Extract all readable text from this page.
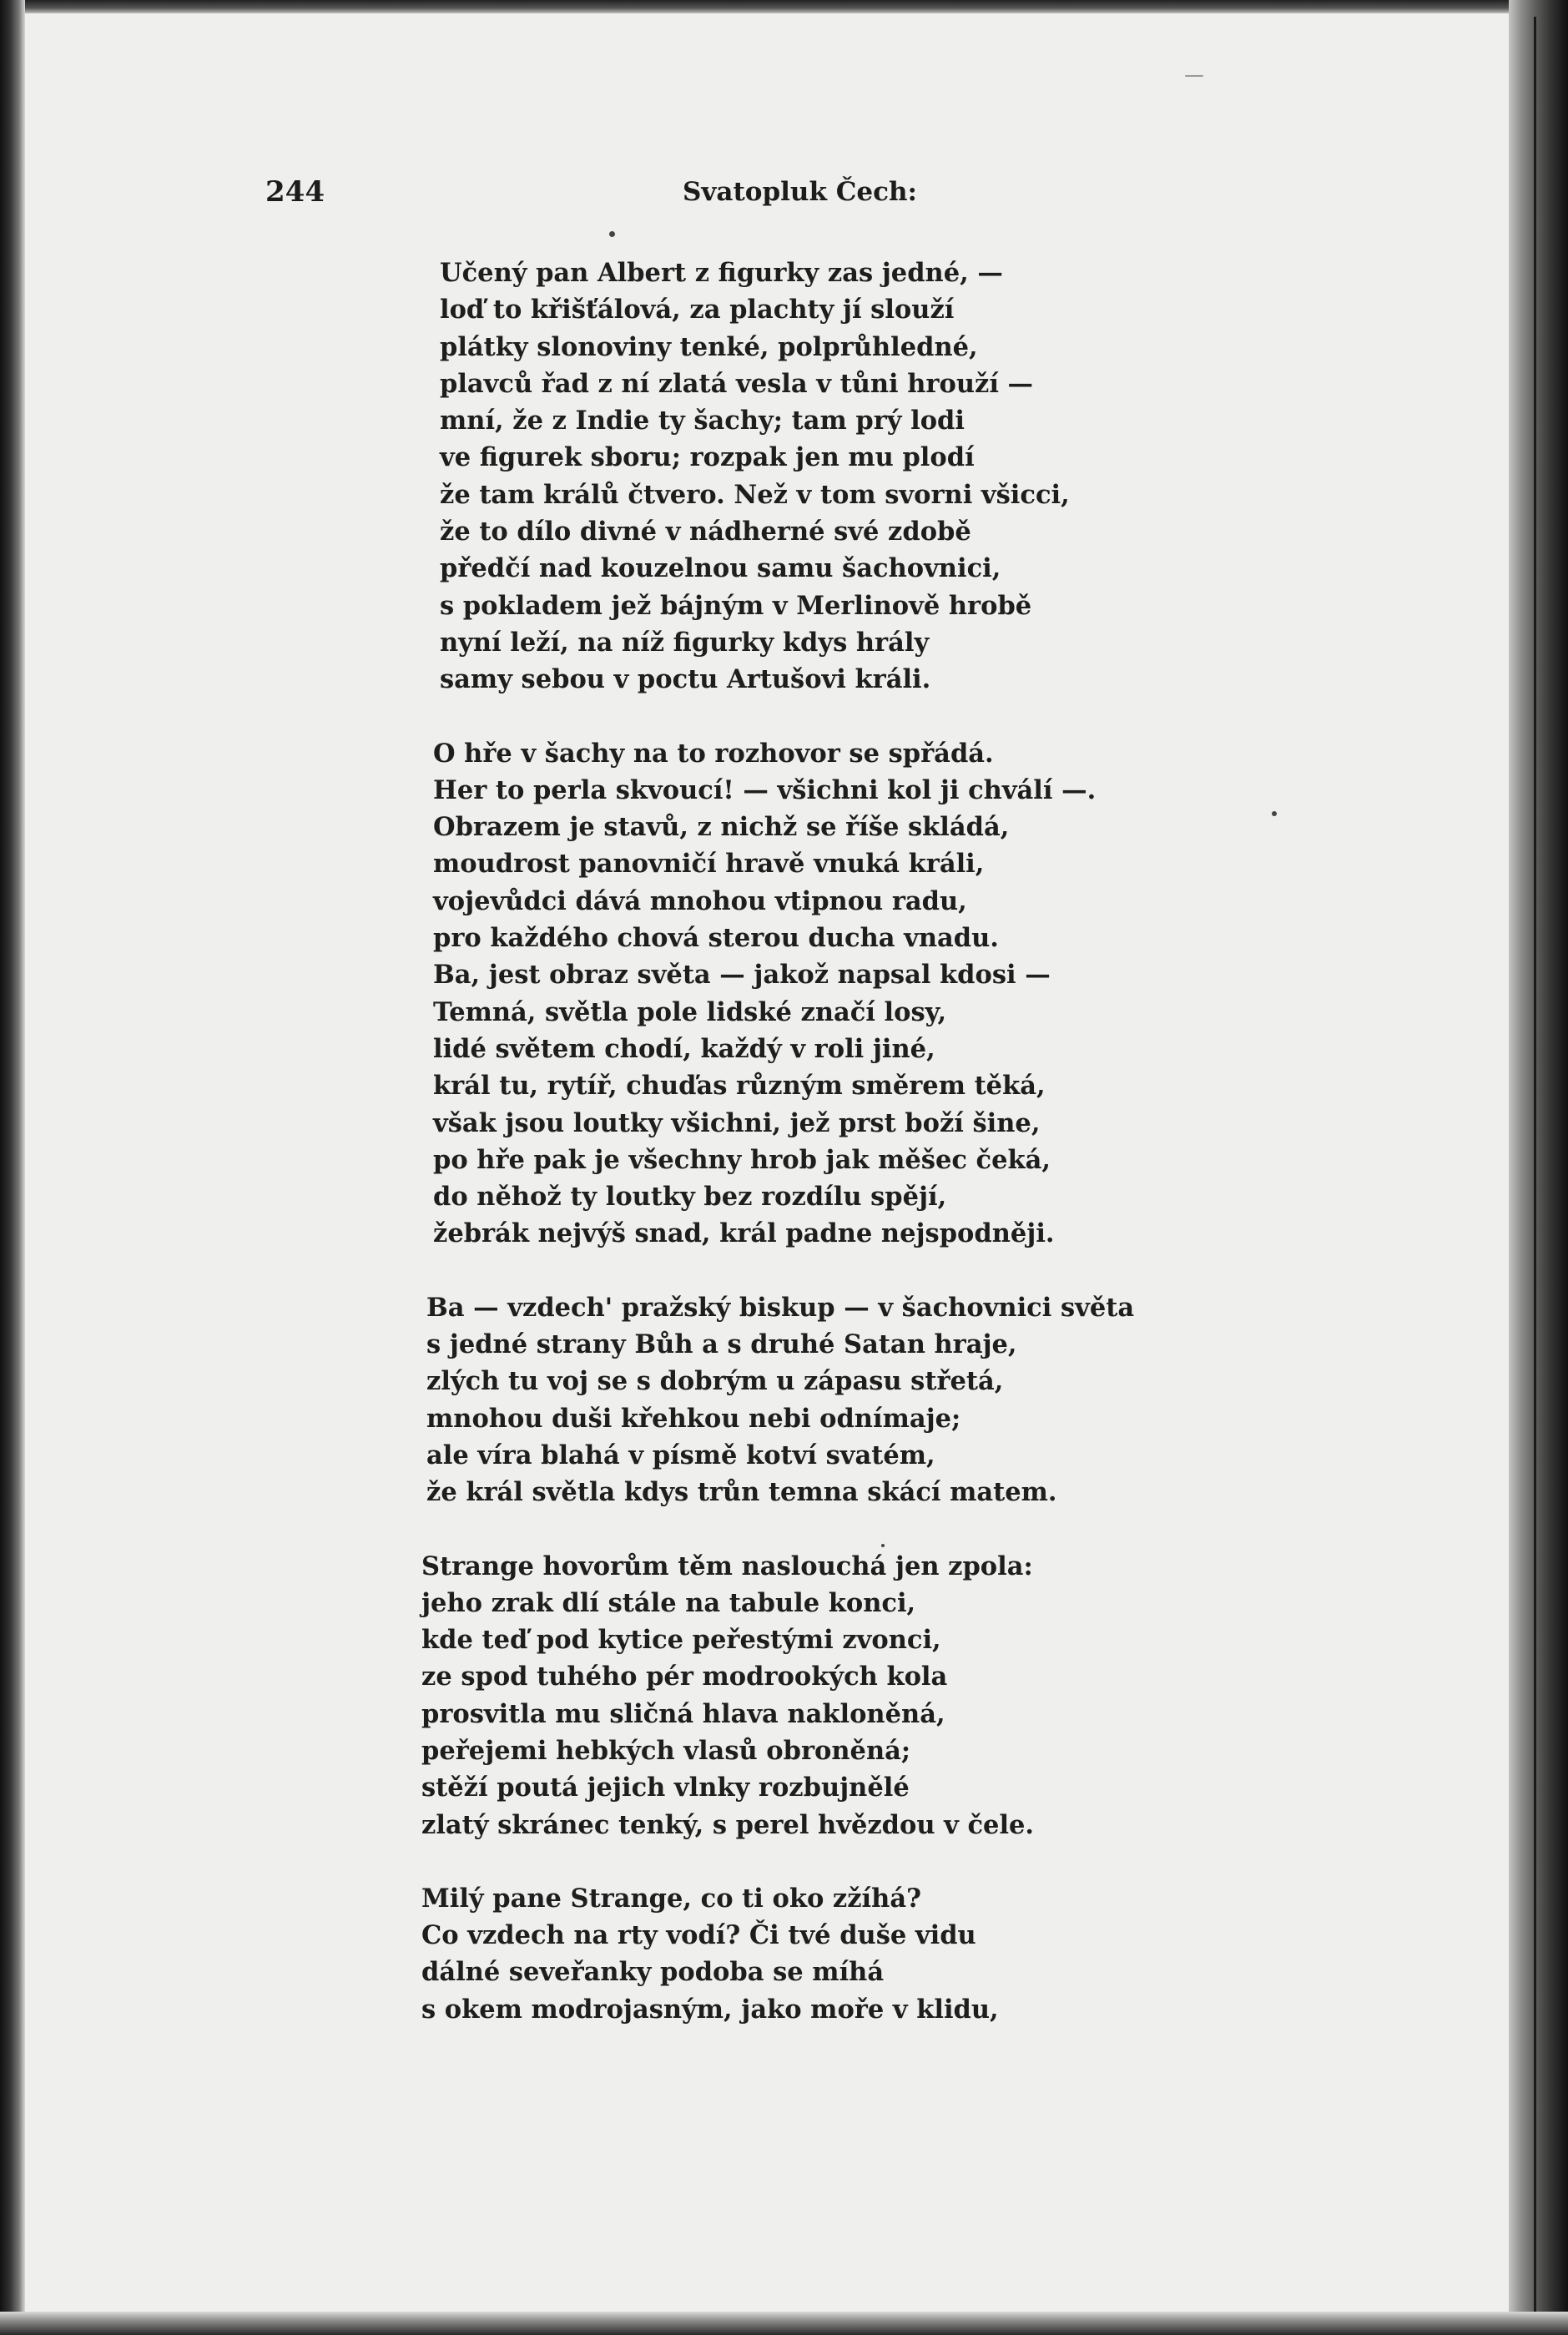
244	Svatopluk Čech:
Učený pan Albert z figurky zas jedné, —
loď to křišťálová, za plachty jí slouží
plátky slonoviny tenké, polprůhledné,
plavců řad z ní zlatá vesla v tůni hrouží —
mní, že z Indie ty šachy; tam prý lodi
ve figurek sboru; rozpak jen mu plodí
že tam králů čtvero. Než v tom svorni všicci,
že to dílo divné v nádherné své zdobě
předčí nad kouzelnou samu šachovnici,
s pokladem jež bájným v Merlinově hrobě
nyní leží, na níž figurky kdys hrály
samy sebou v poctu Artušovi králi.
O hře v šachy na to rozhovor se spřádá.
Her to perla skvoucí! — všichni kol ji chválí —.
Obrazem je stavů, z nichž se říše skládá,
moudrost panovničí hravě vnuká králi,
vojevůdci dává mnohou vtipnou radu,
pro každého chová sterou ducha vnadu.
Ba, jest obraz světa — jakož napsal kdosi —
Temná, světla pole lidské značí losy,
lidé světem chodí, každý v roli jiné,
král tu, rytíř, chuďas různým směrem těká,
však jsou loutky všichni, jež prst boží šine,
po hře pak je všechny hrob jak měšec čeká,
do něhož ty loutky bez rozdílu spějí,
žebrák nejvýš snad, král padne nejspodněji.
Ba — vzdech' pražský biskup — v šachovnici světa
s jedné strany Bůh a s druhé Satan hraje,
zlých tu voj se s dobrým u zápasu střetá,
mnohou duši křehkou nebi odnímaje;
ale víra blahá v písmě kotví svatém,
že král světla kdys trůn temna skácí matem.
Strange hovorům těm naslouchá jen zpola:
jeho zrak dlí stále na tabule konci,
kde teď pod kytice peřestými zvonci,
ze spod tuhého pér modrookých kola
prosvitla mu sličná hlava nakloněná,
peřejemi hebkých vlasů obroněná;
stěží poutá jejich vlnky rozbujnělé
zlatý skránec tenký, s perel hvězdou v čele.
Milý pane Strange, co ti oko zžíhá?
Co vzdech na rty vodí? Či tvé duše vidu
dálné seveřanky podoba se míhá
s okem modrojasným, jako moře v klidu,
